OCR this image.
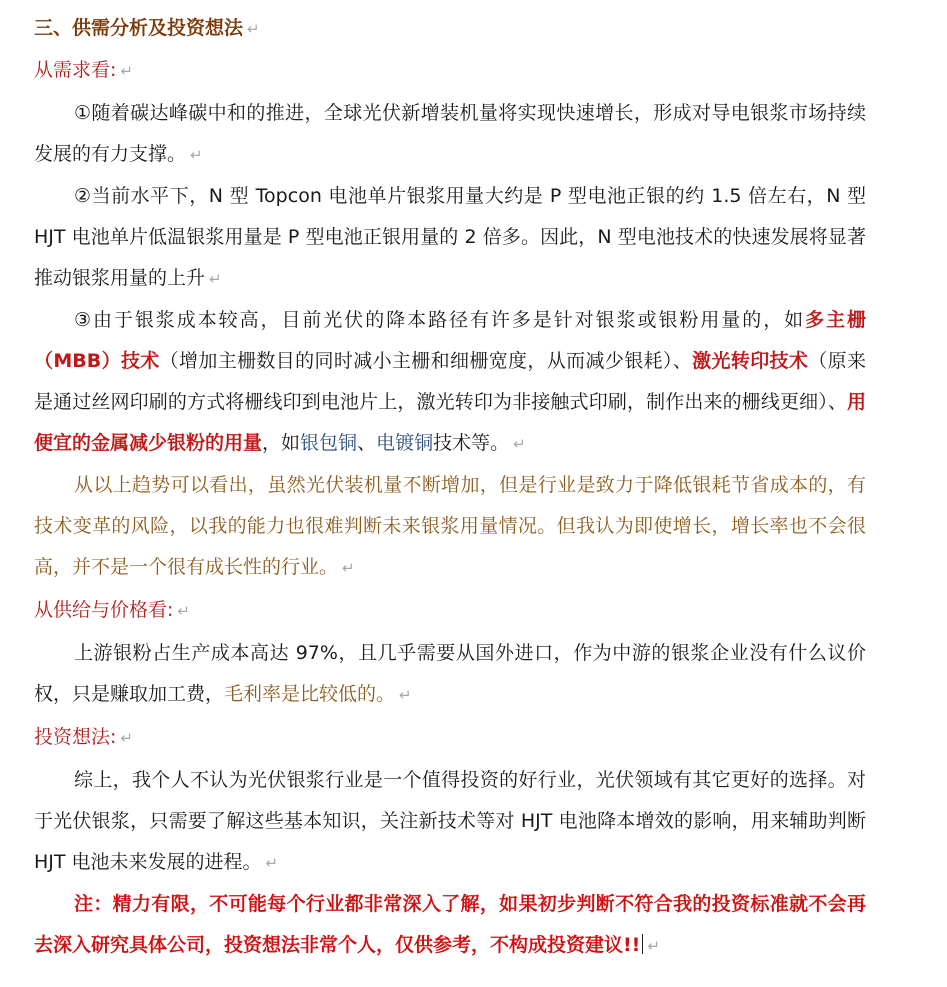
三、供需分析及投资想法 ↵

从需求看: ↵

①随着碳达峰碳中和的推进，全球光伏新增装机量将实现快速增长，形成对导电银浆市场持续发展的有力支撑。 ↵

②当前水平下，N 型 Topcon 电池单片银浆用量大约是 P 型电池正银的约 1.5 倍左右，N 型 HJT 电池单片低温银浆用量是 P 型电池正银用量的 2 倍多。因此，N 型电池技术的快速发展将显著推动银浆用量的上升 ↵

③由于银浆成本较高，目前光伏的降本路径有许多是针对银浆或银粉用量的，如多主栅（MBB）技术（增加主栅数目的同时减小主栅和细栅宽度，从而减少银耗）、激光转印技术（原来是通过丝网印刷的方式将栅线印到电池片上，激光转印为非接触式印刷，制作出来的栅线更细）、用便宜的金属减少银粉的用量，如银包铜、电镀铜技术等。 ↵

从以上趋势可以看出，虽然光伏装机量不断增加，但是行业是致力于降低银耗节省成本的，有技术变革的风险，以我的能力也很难判断未来银浆用量情况。但我认为即使增长，增长率也不会很高，并不是一个很有成长性的行业。 ↵

从供给与价格看: ↵

上游银粉占生产成本高达 97%，且几乎需要从国外进口，作为中游的银浆企业没有什么议价权，只是赚取加工费，毛利率是比较低的。 ↵

投资想法: ↵

综上，我个人不认为光伏银浆行业是一个值得投资的好行业，光伏领域有其它更好的选择。对于光伏银浆，只需要了解这些基本知识，关注新技术等对 HJT 电池降本增效的影响，用来辅助判断 HJT 电池未来发展的进程。 ↵

注：精力有限，不可能每个行业都非常深入了解，如果初步判断不符合我的投资标准就不会再去深入研究具体公司，投资想法非常个人，仅供参考，不构成投资建议!! ↵
